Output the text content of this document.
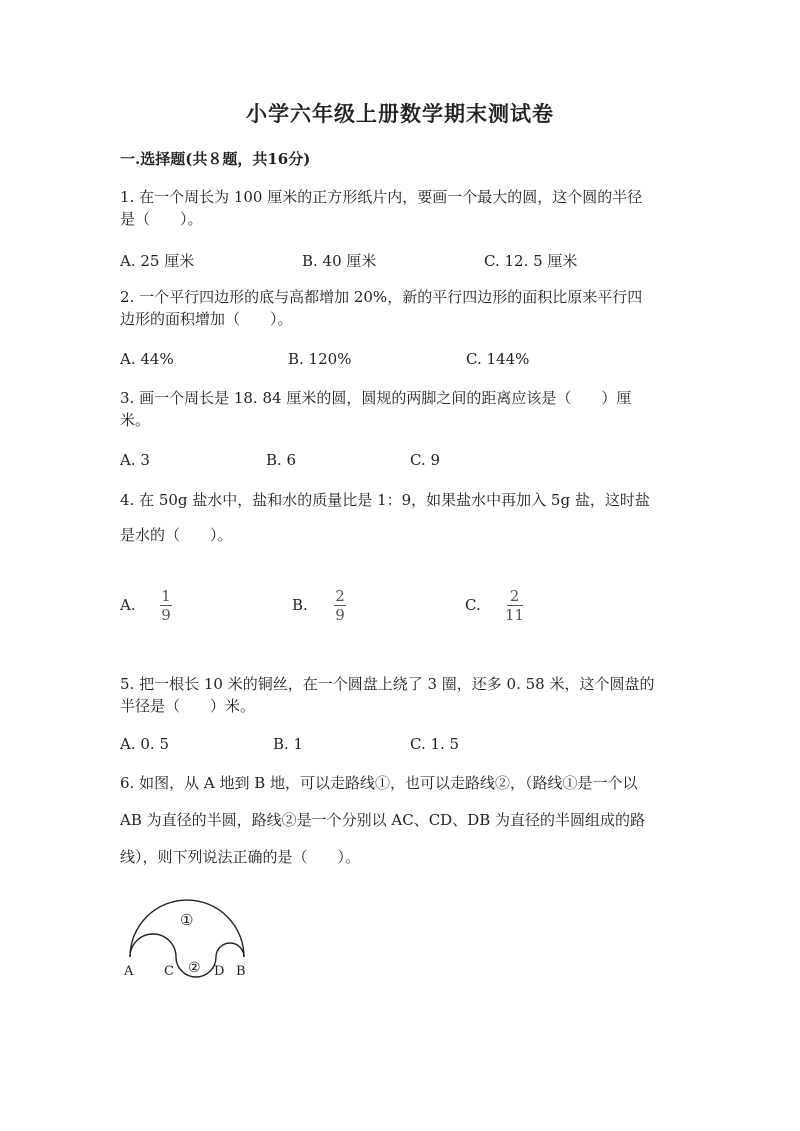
小学六年级上册数学期末测试卷
一.选择题(共８题，共16分)
1. 在一个周长为 100 厘米的正方形纸片内，要画一个最大的圆，这个圆的半径
是（　　）。
A. 25 厘米	B. 40 厘米	C. 12. 5 厘米
2. 一个平行四边形的底与高都增加 20%，新的平行四边形的面积比原来平行四
边形的面积增加（　　）。
A. 44%	B. 120%	C. 144%
3. 画一个周长是 18. 84 厘米的圆，圆规的两脚之间的距离应该是（　　）厘
米。
A. 3	B. 6	C. 9
4. 在 50g 盐水中，盐和水的质量比是 1：9，如果盐水中再加入 5g 盐，这时盐
是水的（　　）。
A. 1
9
B. 2
9
C. 2
11
5. 把一根长 10 米的铜丝，在一个圆盘上绕了 3 圈，还多 0. 58 米，这个圆盘的
半径是（　　）米。
A. 0. 5	B. 1	C. 1. 5
6. 如图，从 A 地到 B 地，可以走路线①，也可以走路线②，（路线①是一个以
AB 为直径的半圆，路线②是一个分别以 AC、CD、DB 为直径的半圆组成的路
线），则下列说法正确的是（　　）。
①
②
A C	D B
